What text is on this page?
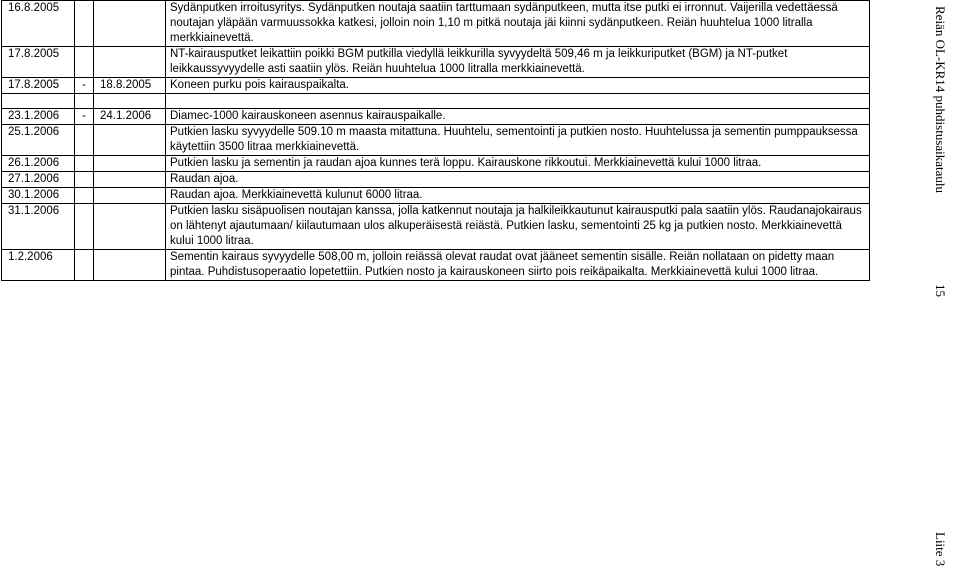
16.8.2005			Sydänputken irroitusyritys. Sydänputken noutaja saatiin tarttumaan sydänputkeen, mutta itse putki ei irronnut. Vaijerilla vedettäessä noutajan yläpään varmuussokka katkesi, jolloin noin 1,10 m pitkä noutaja jäi kiinni sydänputkeen. Reiän huuhtelua 1000 litralla merkkiainevettä.
17.8.2005			NT-kairausputket leikattiin poikki BGM putkilla viedyllä leikkurilla syvyydeltä 509,46 m ja leikkuriputket (BGM) ja NT-putket leikkaussyvyydelle asti saatiin ylös. Reiän huuhtelua 1000 litralla merkkiainevettä.
17.8.2005	-	18.8.2005	Koneen purku pois kairauspaikalta.

23.1.2006	-	24.1.2006	Diamec-1000 kairauskoneen asennus kairauspaikalle.
25.1.2006			Putkien lasku syvyydelle 509.10 m maasta mitattuna. Huuhtelu, sementointi ja putkien nosto. Huuhtelussa ja sementin pumppauksessa käytettiin 3500 litraa merkkiainevettä.
26.1.2006			Putkien lasku ja sementin ja raudan ajoa kunnes terä loppu. Kairauskone rikkoutui. Merkkiainevettä kului 1000 litraa.
27.1.2006			Raudan ajoa.
30.1.2006			Raudan ajoa. Merkkiainevettä kulunut 6000 litraa.
31.1.2006			Putkien lasku sisäpuolisen noutajan kanssa, jolla katkennut noutaja ja halkileikkautunut kairausputki pala saatiin ylös. Raudanajokairaus on lähtenyt ajautumaan/ kiilautumaan ulos alkuperäisestä reiästä. Putkien lasku, sementointi 25 kg ja putkien nosto. Merkkiainevettä kului 1000 litraa.
1.2.2006			Sementin kairaus syvyydelle 508,00 m, jolloin reiässä olevat raudat ovat jääneet sementin sisälle. Reiän nollataan on pidetty maan pintaa. Puhdistusoperaatio lopetettiin. Putkien nosto ja kairauskoneen siirto pois reikäpaikalta. Merkkiainevettä kului 1000 litraa.
Reiän OL-KR14 puhdistusaikataulu
15
Liite 3
